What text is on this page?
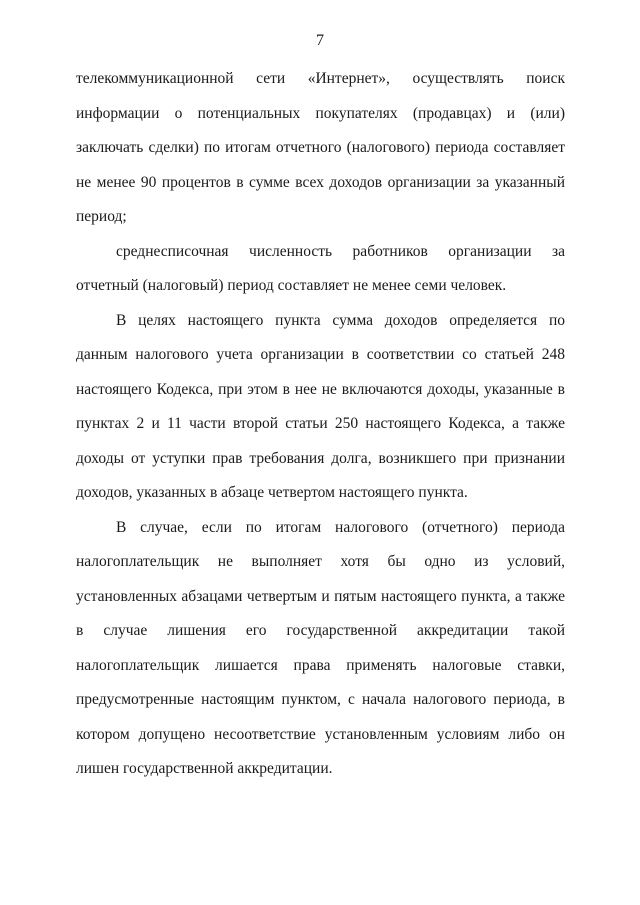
7

телекоммуникационной сети «Интернет», осуществлять поиск информации о потенциальных покупателях (продавцах) и (или) заключать сделки) по итогам отчетного (налогового) периода составляет не менее 90 процентов в сумме всех доходов организации за указанный период;

среднесписочная численность работников организации за отчетный (налоговый) период составляет не менее семи человек.

В целях настоящего пункта сумма доходов определяется по данным налогового учета организации в соответствии со статьей 248 настоящего Кодекса, при этом в нее не включаются доходы, указанные в пунктах 2 и 11 части второй статьи 250 настоящего Кодекса, а также доходы от уступки прав требования долга, возникшего при признании доходов, указанных в абзаце четвертом настоящего пункта.

В случае, если по итогам налогового (отчетного) периода налогоплательщик не выполняет хотя бы одно из условий, установленных абзацами четвертым и пятым настоящего пункта, а также в случае лишения его государственной аккредитации такой налогоплательщик лишается права применять налоговые ставки, предусмотренные настоящим пунктом, с начала налогового периода, в котором допущено несоответствие установленным условиям либо он лишен государственной аккредитации.
